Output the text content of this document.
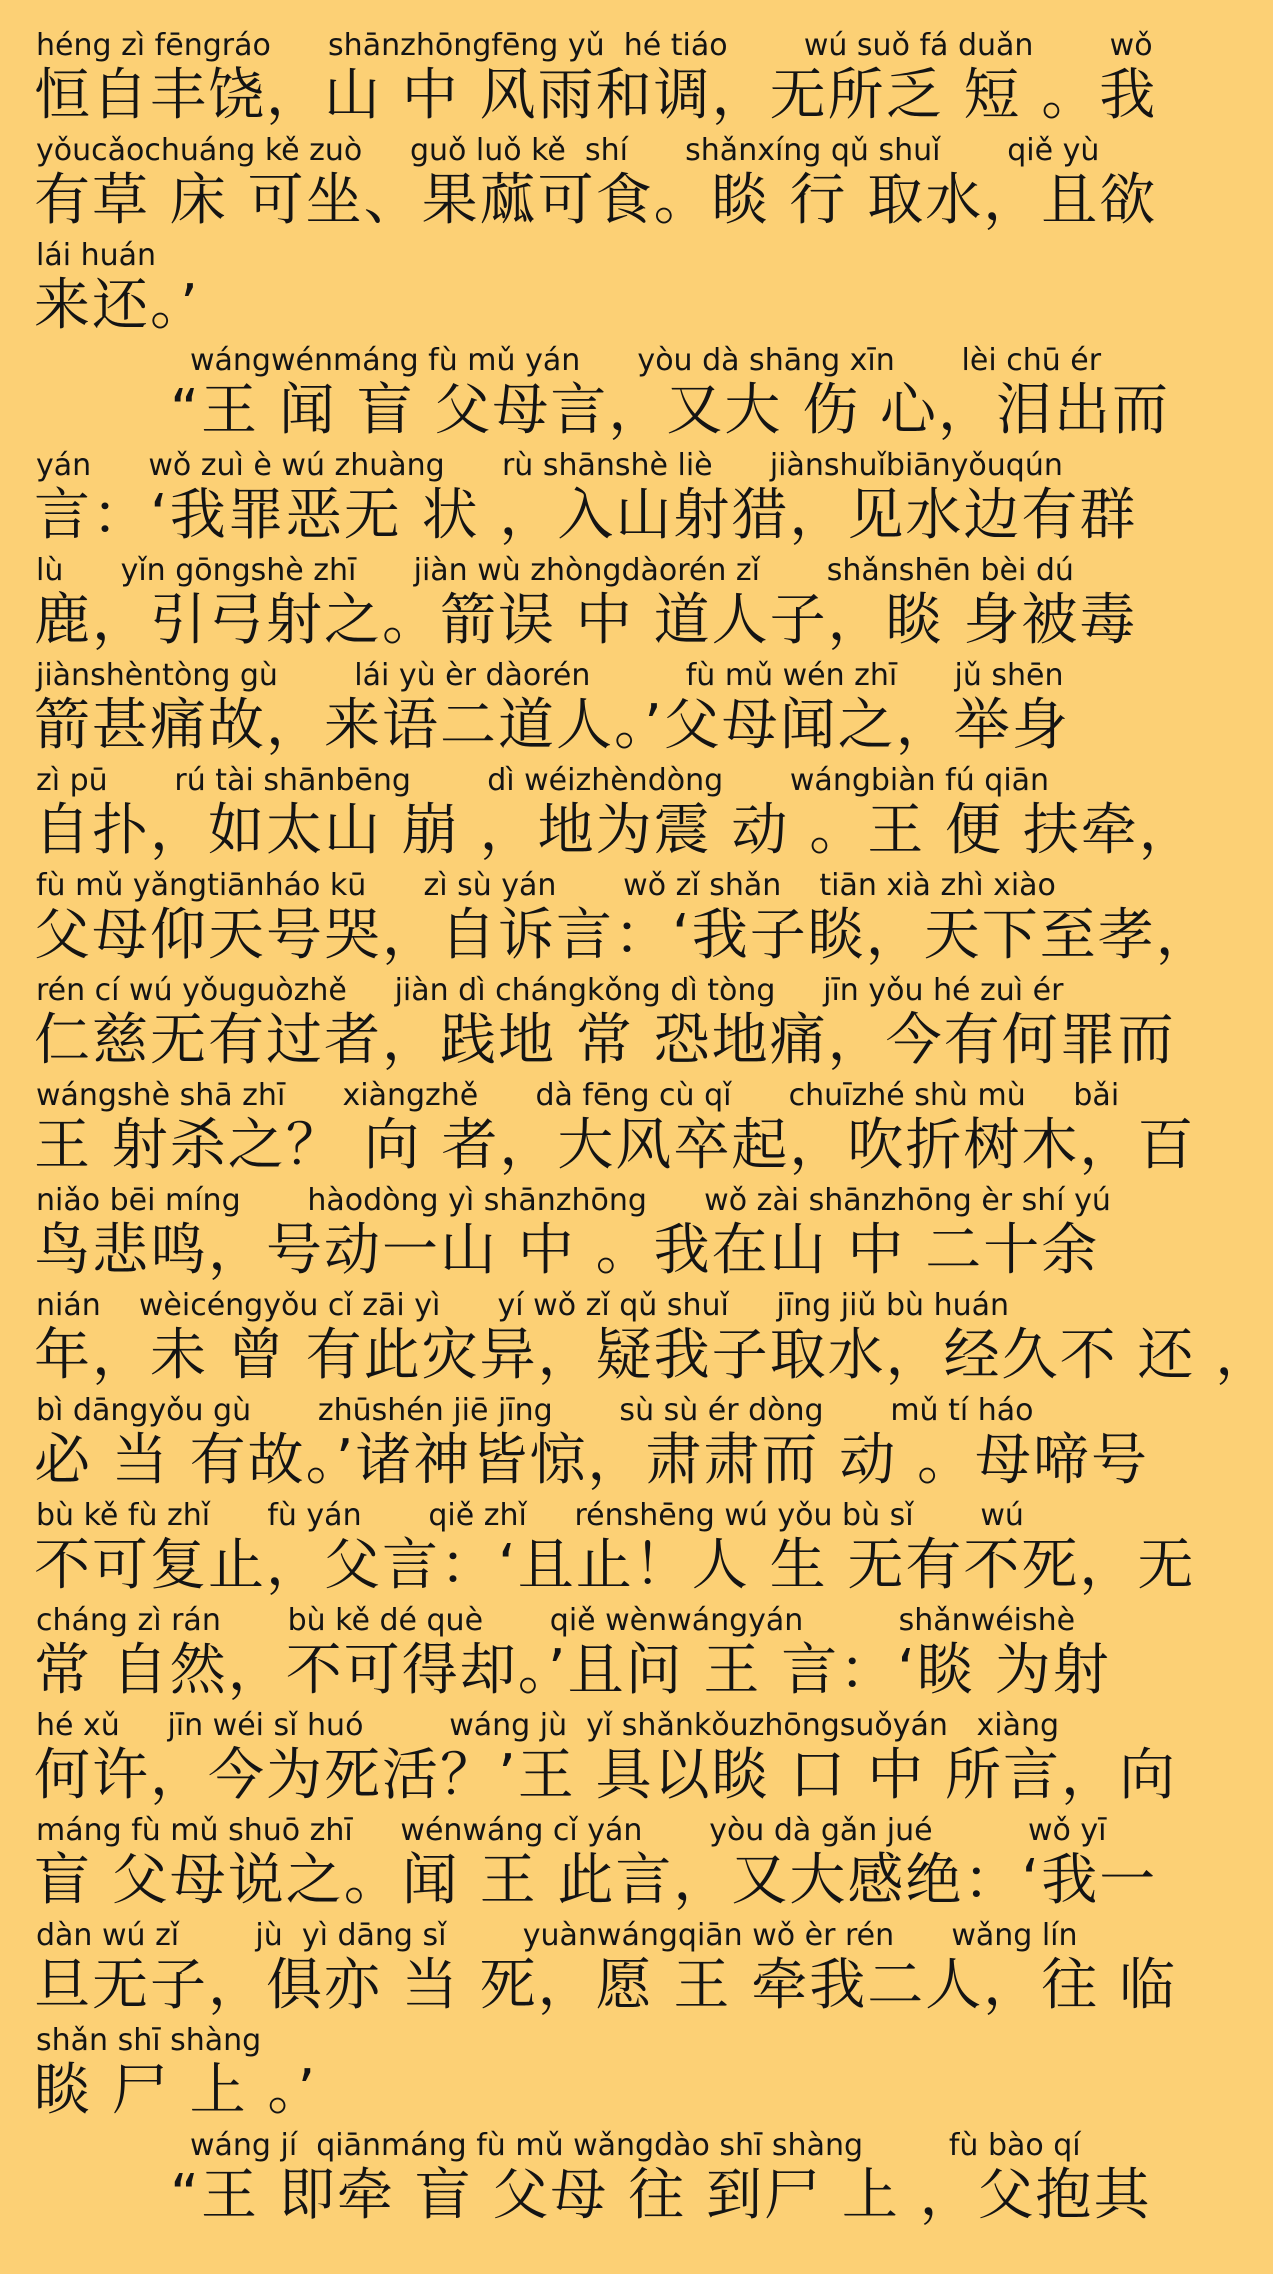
héng zì fēngráo      shānzhōngfēng yǔ  hé tiáo        wú suǒ fá duǎn        wǒ
恒自丰饶，山 中 风雨和调，无所乏 短 。我
yǒucǎochuáng kě zuò     guǒ luǒ kě  shí      shǎnxíng qǔ shuǐ       qiě yù
有草 床 可坐、果蓏可食。睒 行 取水，且欲
lái huán
来还。’
wángwénmáng fù mǔ yán      yòu dà shāng xīn       lèi chū ér
“王 闻 盲 父母言，又大 伤 心，泪出而
yán      wǒ zuì è wú zhuàng      rù shānshè liè      jiànshuǐbiānyǒuqún
言：‘我罪恶无 状 ，入山射猎，见水边有群
lù      yǐn gōngshè zhī      jiàn wù zhòngdàorén zǐ       shǎnshēn bèi dú
鹿，引弓射之。箭误 中 道人子，睒 身被毒
jiànshèntòng gù        lái yù èr dàorén          fù mǔ wén zhī      jǔ shēn
箭甚痛故，来语二道人。’父母闻之，举身
zì pū       rú tài shānbēng        dì wéizhèndòng       wángbiàn fú qiān
自扑，如太山 崩 ，地为震 动 。王 便 扶牵，
fù mǔ yǎngtiānháo kū      zì sù yán       wǒ zǐ shǎn    tiān xià zhì xiào
父母仰天号哭，自诉言：‘我子睒，天下至孝，
rén cí wú yǒuguòzhě     jiàn dì chángkǒng dì tòng     jīn yǒu hé zuì ér
仁慈无有过者，践地 常 恐地痛，今有何罪而
wángshè shā zhī      xiàngzhě      dà fēng cù qǐ      chuīzhé shù mù     bǎi
王 射杀之？ 向 者，大风卒起，吹折树木，百
niǎo bēi míng       hàodòng yì shānzhōng      wǒ zài shānzhōng èr shí yú
鸟悲鸣，号动一山 中 。我在山 中 二十余
nián    wèicéngyǒu cǐ zāi yì      yí wǒ zǐ qǔ shuǐ     jīng jiǔ bù huán
年，未 曾 有此灾异，疑我子取水，经久不 还 ，
bì dāngyǒu gù       zhūshén jiē jīng       sù sù ér dòng       mǔ tí háo
必 当 有故。’诸神皆惊，肃肃而 动 。母啼号
bù kě fù zhǐ      fù yán       qiě zhǐ     rénshēng wú yǒu bù sǐ       wú
不可复止，父言：‘且止！人 生 无有不死，无
cháng zì rán       bù kě dé què       qiě wènwángyán          shǎnwéishè
常 自然，不可得却。’且问 王 言：‘睒 为射
hé xǔ     jīn wéi sǐ huó         wáng jù  yǐ shǎnkǒuzhōngsuǒyán   xiàng
何许，今为死活？’王 具以睒 口 中 所言，向
máng fù mǔ shuō zhī     wénwáng cǐ yán       yòu dà gǎn jué          wǒ yī
盲 父母说之。闻 王 此言，又大感绝：‘我一
dàn wú zǐ        jù  yì dāng sǐ        yuànwángqiān wǒ èr rén      wǎng lín
旦无子，俱亦 当 死，愿 王 牵我二人，往 临
shǎn shī shàng
睒 尸 上 。’
wáng jí  qiānmáng fù mǔ wǎngdào shī shàng         fù bào qí
“王 即牵 盲 父母 往 到尸 上 ，父抱其
